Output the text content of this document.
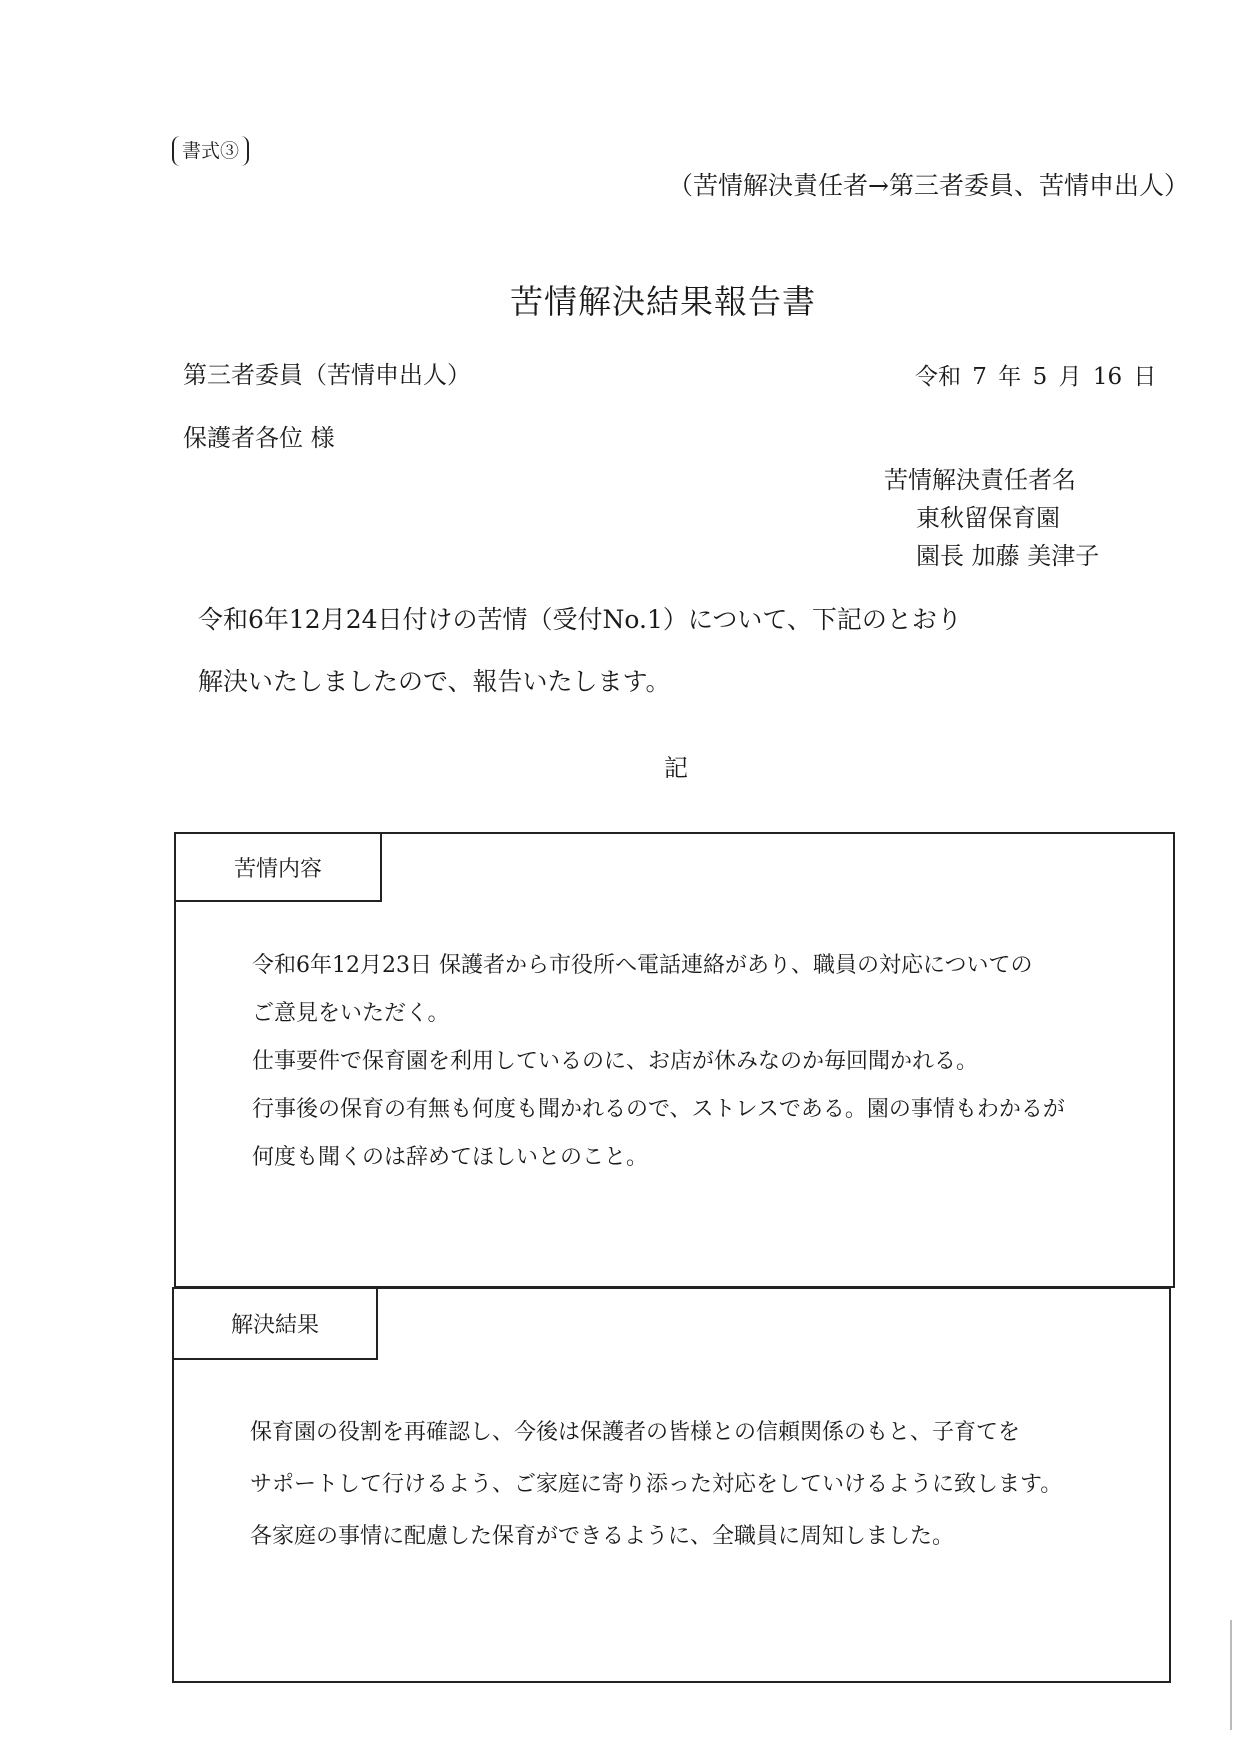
書式③
（苦情解決責任者→第三者委員、苦情申出人）
苦情解決結果報告書
第三者委員（苦情申出人）	令和 7 年 5 月 16 日
保護者各位 様
苦情解決責任者名
東秋留保育園
園長 加藤 美津子
令和6年12月24日付けの苦情（受付No.1）について、下記のとおり
解決いたしましたので、報告いたします。
記
苦情内容
令和6年12月23日 保護者から市役所へ電話連絡があり、職員の対応についての
ご意見をいただく。
仕事要件で保育園を利用しているのに、お店が休みなのか毎回聞かれる。
行事後の保育の有無も何度も聞かれるので、ストレスである。園の事情もわかるが
何度も聞くのは辞めてほしいとのこと。
解決結果
保育園の役割を再確認し、今後は保護者の皆様との信頼関係のもと、子育てを
サポートして行けるよう、ご家庭に寄り添った対応をしていけるように致します。
各家庭の事情に配慮した保育ができるように、全職員に周知しました。
